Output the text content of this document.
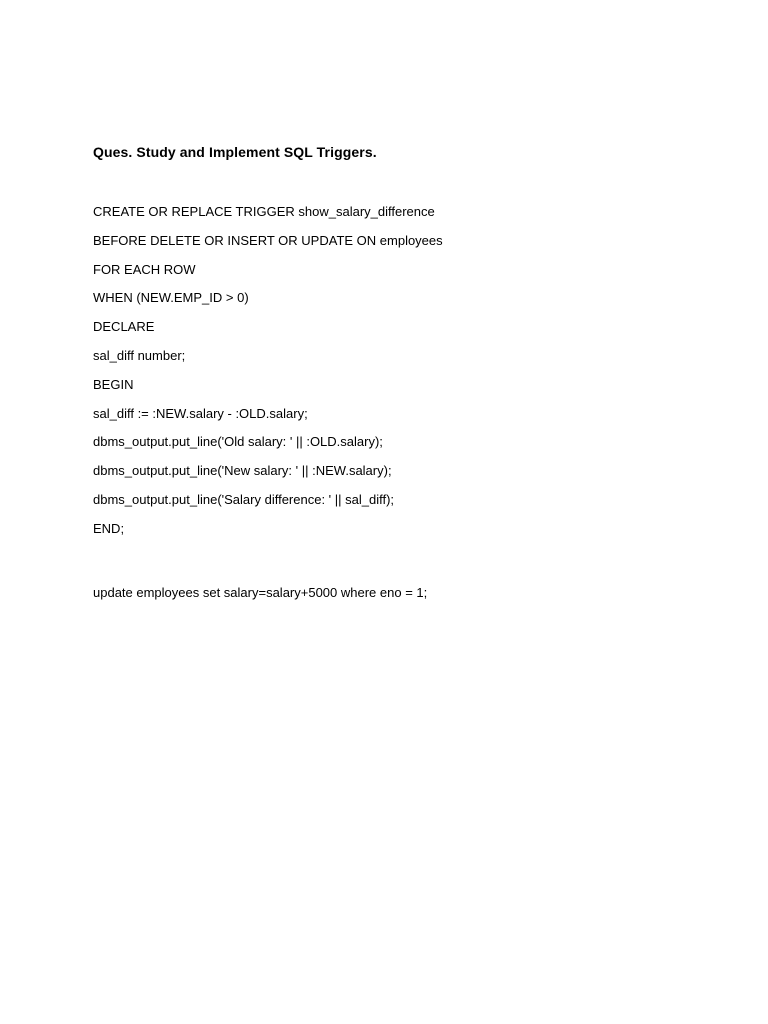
Ques. Study and Implement SQL Triggers.

CREATE OR REPLACE TRIGGER show_salary_difference

BEFORE DELETE OR INSERT OR UPDATE ON employees

FOR EACH ROW

WHEN (NEW.EMP_ID > 0)

DECLARE

sal_diff number;

BEGIN

sal_diff := :NEW.salary - :OLD.salary;

dbms_output.put_line('Old salary: ' || :OLD.salary);

dbms_output.put_line('New salary: ' || :NEW.salary);

dbms_output.put_line('Salary difference: ' || sal_diff);

END;

update employees set salary=salary+5000 where eno = 1;
